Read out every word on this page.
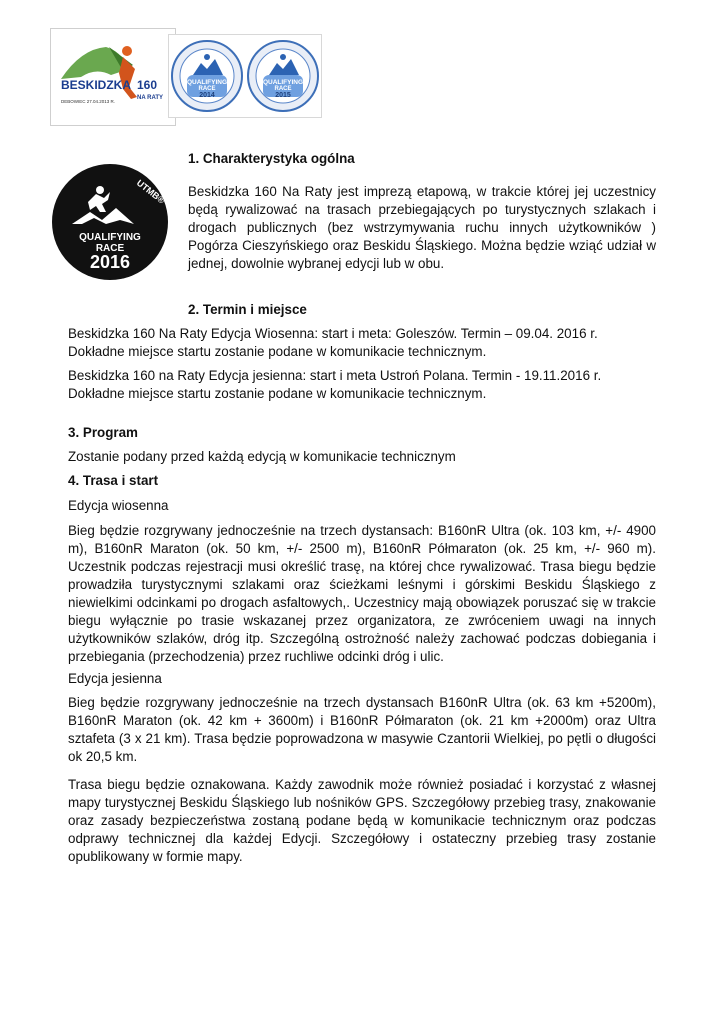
BESKIDZKA 160
NA RATY
DEBOWIEC 27.04.2013 R.
QUALIFYING
RACE
2014
QUALIFYING
RACE
2015
UTMB®
QUALIFYING
RACE
2016
1. Charakterystyka ogólna
Beskidzka 160 Na Raty jest imprezą etapową, w trakcie której jej uczestnicy
będą rywalizować na trasach przebiegających po turystycznych szlakach i
drogach publicznych (bez wstrzymywania ruchu innych użytkowników )
Pogórza Cieszyńskiego oraz Beskidu Śląskiego. Można będzie wziąć udział w
jednej, dowolnie wybranej edycji lub w obu.
2. Termin i miejsce
Beskidzka 160 Na Raty Edycja Wiosenna: start i meta: Goleszów. Termin – 09.04. 2016 r.
Dokładne miejsce startu zostanie podane w komunikacie technicznym.
Beskidzka 160 na Raty Edycja jesienna: start i meta Ustroń Polana. Termin - 19.11.2016 r.
Dokładne miejsce startu zostanie podane w komunikacie technicznym.
3. Program
Zostanie podany przed każdą edycją w komunikacie technicznym
4. Trasa i start
Edycja wiosenna
Bieg będzie rozgrywany jednocześnie na trzech dystansach: B160nR Ultra (ok. 103 km, +/- 4900
m), B160nR Maraton (ok. 50 km, +/- 2500 m), B160nR Półmaraton (ok. 25 km, +/- 960 m).
Uczestnik podczas rejestracji musi określić trasę, na której chce rywalizować. Trasa biegu będzie
prowadziła turystycznymi szlakami oraz ścieżkami leśnymi i górskimi Beskidu Śląskiego z
niewielkimi odcinkami po drogach asfaltowych,. Uczestnicy mają obowiązek poruszać się w trakcie
biegu wyłącznie po trasie wskazanej przez organizatora, ze zwróceniem uwagi na innych
użytkowników szlaków, dróg itp. Szczególną ostrożność należy zachować podczas dobiegania i
przebiegania (przechodzenia) przez ruchliwe odcinki dróg i ulic.
Edycja jesienna
Bieg będzie rozgrywany jednocześnie na trzech dystansach B160nR Ultra (ok. 63 km +5200m),
B160nR Maraton (ok. 42 km + 3600m) i B160nR Półmaraton (ok. 21 km +2000m) oraz Ultra
sztafeta (3 x 21 km). Trasa będzie poprowadzona w masywie Czantorii Wielkiej, po pętli o długości
ok 20,5 km.
Trasa biegu będzie oznakowana. Każdy zawodnik może również posiadać i korzystać z własnej
mapy turystycznej Beskidu Śląskiego lub nośników GPS. Szczegółowy przebieg trasy, znakowanie
oraz zasady bezpieczeństwa zostaną podane będą w komunikacie technicznym oraz podczas
odprawy technicznej dla każdej Edycji. Szczegółowy i ostateczny przebieg trasy zostanie
opublikowany w formie mapy.
